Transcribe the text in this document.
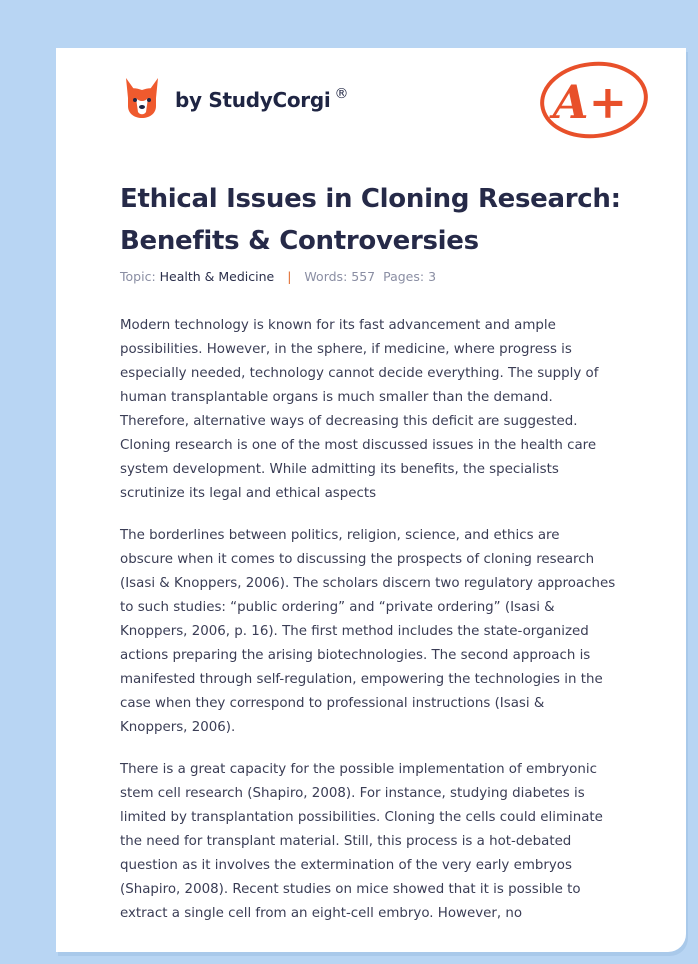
by StudyCorgi ®	A+
Ethical Issues in Cloning Research:
Benefits & Controversies
Topic: Health & Medicine | Words: 557 Pages: 3

Modern technology is known for its fast advancement and ample
possibilities. However, in the sphere, if medicine, where progress is
especially needed, technology cannot decide everything. The supply of
human transplantable organs is much smaller than the demand.
Therefore, alternative ways of decreasing this deficit are suggested.
Cloning research is one of the most discussed issues in the health care
system development. While admitting its benefits, the specialists
scrutinize its legal and ethical aspects

The borderlines between politics, religion, science, and ethics are
obscure when it comes to discussing the prospects of cloning research
(Isasi & Knoppers, 2006). The scholars discern two regulatory approaches
to such studies: “public ordering” and “private ordering” (Isasi &
Knoppers, 2006, p. 16). The first method includes the state-organized
actions preparing the arising biotechnologies. The second approach is
manifested through self-regulation, empowering the technologies in the
case when they correspond to professional instructions (Isasi &
Knoppers, 2006).

There is a great capacity for the possible implementation of embryonic
stem cell research (Shapiro, 2008). For instance, studying diabetes is
limited by transplantation possibilities. Cloning the cells could eliminate
the need for transplant material. Still, this process is a hot-debated
question as it involves the extermination of the very early embryos
(Shapiro, 2008). Recent studies on mice showed that it is possible to
extract a single cell from an eight-cell embryo. However, no
